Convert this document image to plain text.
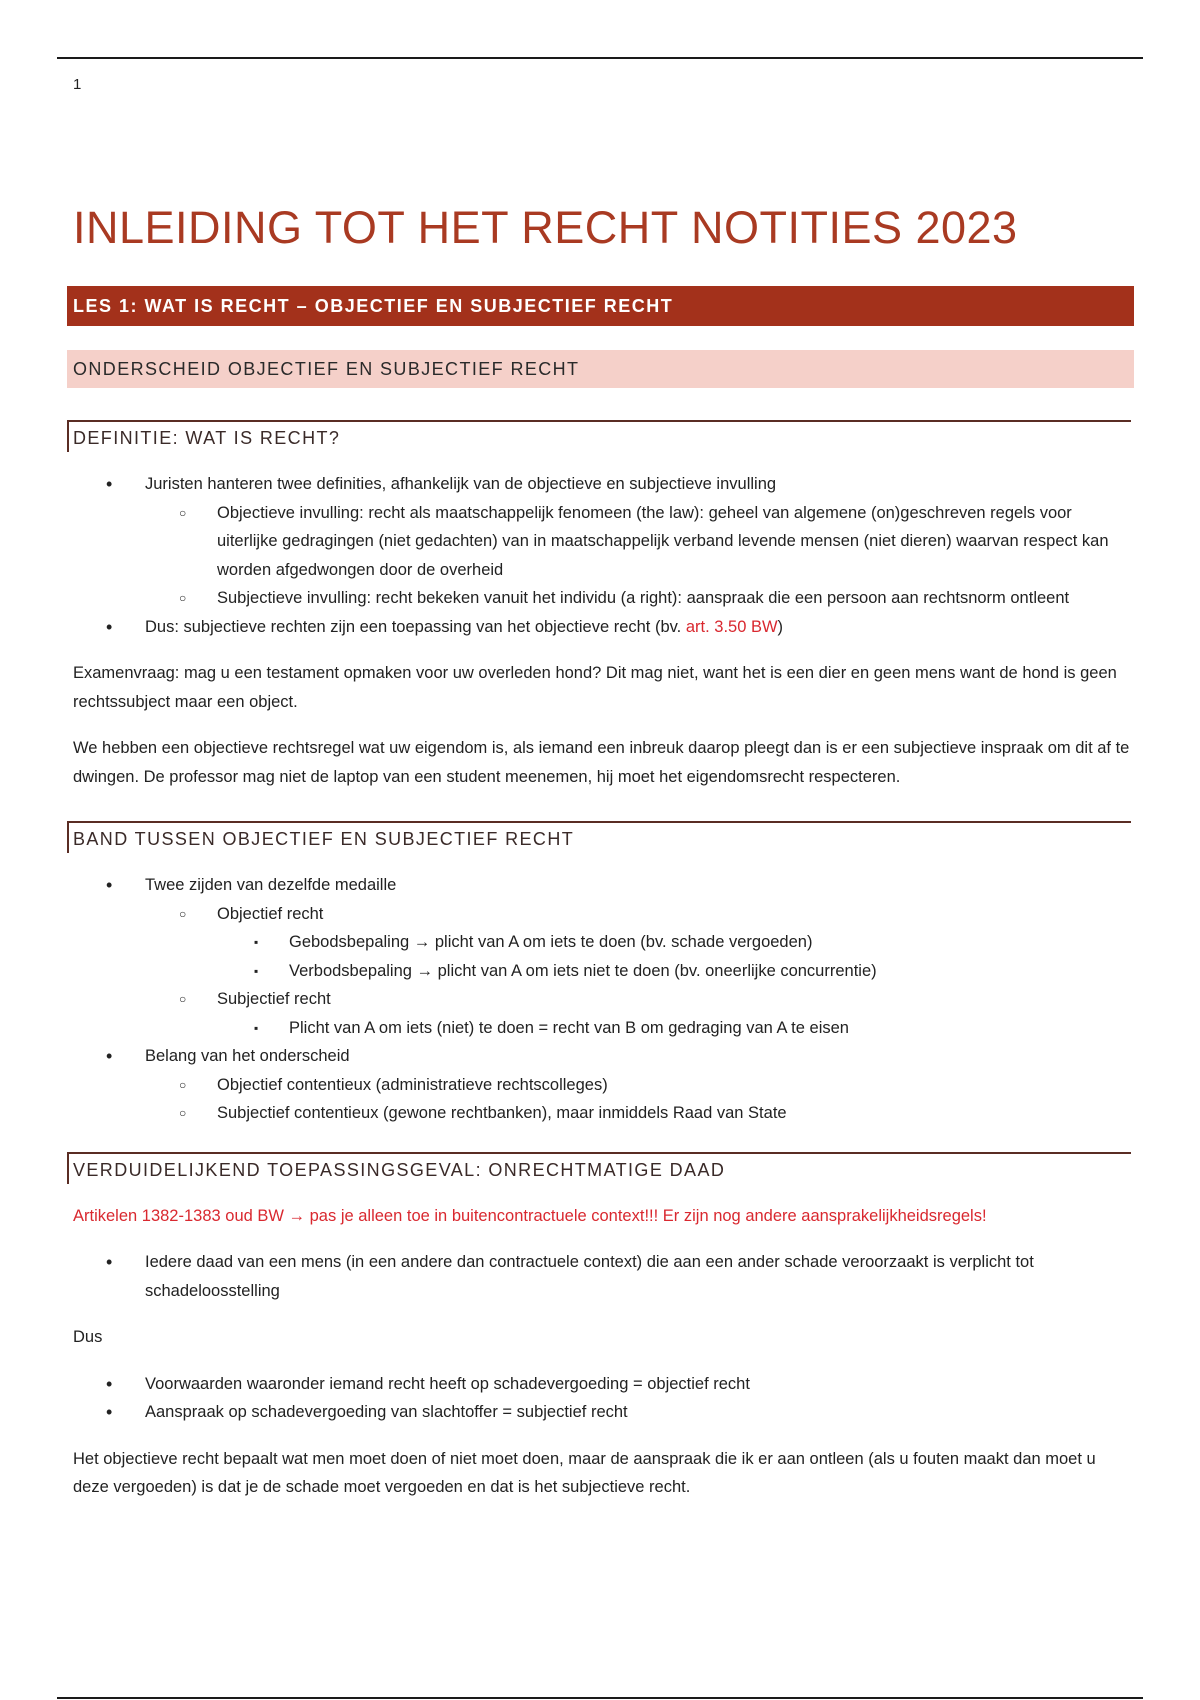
1
INLEIDING TOT HET RECHT NOTITIES 2023
LES 1: WAT IS RECHT – OBJECTIEF EN SUBJECTIEF RECHT
ONDERSCHEID OBJECTIEF EN SUBJECTIEF RECHT
DEFINITIE: WAT IS RECHT?
• Juristen hanteren twee definities, afhankelijk van de objectieve en subjectieve invulling
○ Objectieve invulling: recht als maatschappelijk fenomeen (the law): geheel van algemene (on)geschreven regels voor uiterlijke gedragingen (niet gedachten) van in maatschappelijk verband levende mensen (niet dieren) waarvan respect kan worden afgedwongen door de overheid
○ Subjectieve invulling: recht bekeken vanuit het individu (a right): aanspraak die een persoon aan rechtsnorm ontleent
• Dus: subjectieve rechten zijn een toepassing van het objectieve recht (bv. art. 3.50 BW)

Examenvraag: mag u een testament opmaken voor uw overleden hond? Dit mag niet, want het is een dier en geen mens want de hond is geen rechtssubject maar een object.

We hebben een objectieve rechtsregel wat uw eigendom is, als iemand een inbreuk daarop pleegt dan is er een subjectieve inspraak om dit af te dwingen. De professor mag niet de laptop van een student meenemen, hij moet het eigendomsrecht respecteren.

BAND TUSSEN OBJECTIEF EN SUBJECTIEF RECHT
• Twee zijden van dezelfde medaille
○ Objectief recht
▪ Gebodsbepaling → plicht van A om iets te doen (bv. schade vergoeden)
▪ Verbodsbepaling → plicht van A om iets niet te doen (bv. oneerlijke concurrentie)
○ Subjectief recht
▪ Plicht van A om iets (niet) te doen = recht van B om gedraging van A te eisen
• Belang van het onderscheid
○ Objectief contentieux (administratieve rechtscolleges)
○ Subjectief contentieux (gewone rechtbanken), maar inmiddels Raad van State
VERDUIDELIJKEND TOEPASSINGSGEVAL: ONRECHTMATIGE DAAD

Artikelen 1382-1383 oud BW → pas je alleen toe in buitencontractuele context!!! Er zijn nog andere aansprakelijkheidsregels!

• Iedere daad van een mens (in een andere dan contractuele context) die aan een ander schade veroorzaakt is verplicht tot schadeloosstelling

Dus

• Voorwaarden waaronder iemand recht heeft op schadevergoeding = objectief recht
• Aanspraak op schadevergoeding van slachtoffer = subjectief recht

Het objectieve recht bepaalt wat men moet doen of niet moet doen, maar de aanspraak die ik er aan ontleen (als u fouten maakt dan moet u deze vergoeden) is dat je de schade moet vergoeden en dat is het subjectieve recht.
